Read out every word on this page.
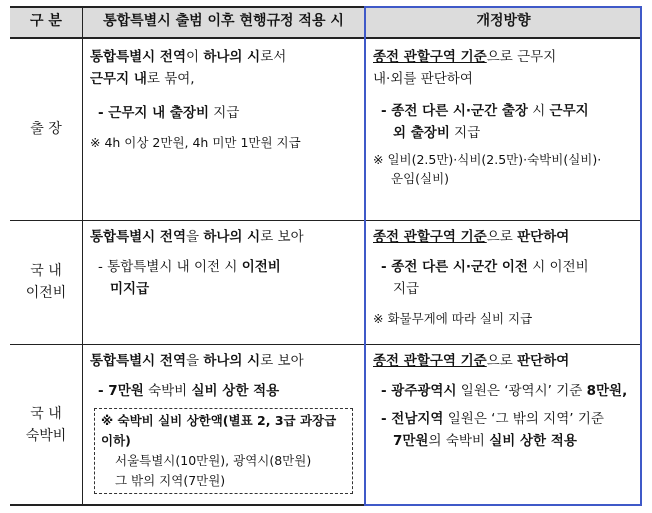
구 분	통합특별시 출범 이후 현행규정 적용 시	개정방향
출 장
통합특별시 전역이 하나의 시로서
근무지 내로 묶여,
- 근무지 내 출장비 지급
※ 4h 이상 2만원, 4h 미만 1만원 지급
종전 관할구역 기준으로 근무지
내·외를 판단하여
- 종전 다른 시·군간 출장 시 근무지
외 출장비 지급
※ 일비(2.5만)·식비(2.5만)·숙박비(실비)·
운임(실비)
국 내
이전비
통합특별시 전역을 하나의 시로 보아
- 통합특별시 내 이전 시 이전비
미지급
종전 관할구역 기준으로 판단하여
- 종전 다른 시·군간 이전 시 이전비
지급
※ 화물무게에 따라 실비 지급
국 내
숙박비
통합특별시 전역을 하나의 시로 보아
- 7만원 숙박비 실비 상한 적용
※ 숙박비 실비 상한액(별표 2, 3급 과장급 이하)
서울특별시(10만원), 광역시(8만원)
그 밖의 지역(7만원)
종전 관할구역 기준으로 판단하여
- 광주광역시 일원은 ‘광역시’ 기준 8만원,
- 전남지역 일원은 ‘그 밖의 지역’ 기준
7만원의 숙박비 실비 상한 적용
